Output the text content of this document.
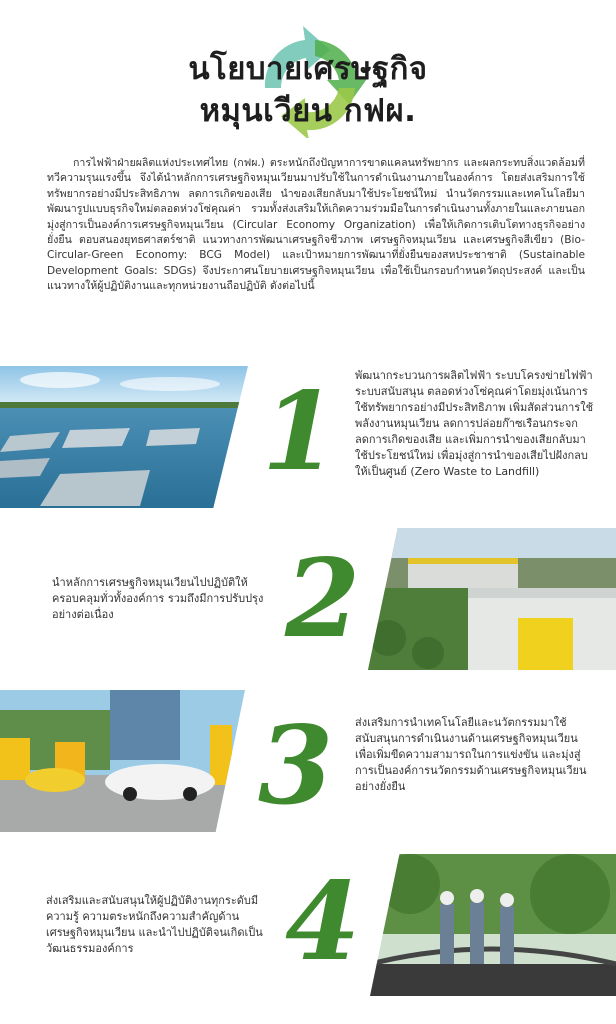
นโยบายเศรษฐกิจ
หมุนเวียน กฟผ.

การไฟฟ้าฝ่ายผลิตแห่งประเทศไทย (กฟผ.) ตระหนักถึงปัญหาการขาดแคลนทรัพยากร และผลกระทบสิ่งแวดล้อมที่ทวีความรุนแรงขึ้น จึงได้นำหลักการเศรษฐกิจหมุนเวียนมาปรับใช้ในการดำเนินงานภายในองค์การ โดยส่งเสริมการใช้ทรัพยากรอย่างมีประสิทธิภาพ ลดการเกิดของเสีย นำของเสียกลับมาใช้ประโยชน์ใหม่ นำนวัตกรรมและเทคโนโลยีมาพัฒนารูปแบบธุรกิจใหม่ตลอดห่วงโซ่คุณค่า รวมทั้งส่งเสริมให้เกิดความร่วมมือในการดำเนินงานทั้งภายในและภายนอก มุ่งสู่การเป็นองค์การเศรษฐกิจหมุนเวียน (Circular Economy Organization) เพื่อให้เกิดการเติบโตทางธุรกิจอย่างยั่งยืน ตอบสนองยุทธศาสตร์ชาติ แนวทางการพัฒนาเศรษฐกิจชีวภาพ เศรษฐกิจหมุนเวียน และเศรษฐกิจสีเขียว (Bio-Circular-Green Economy: BCG Model) และเป้าหมายการพัฒนาที่ยั่งยืนของสหประชาชาติ (Sustainable Development Goals: SDGs) จึงประกาศนโยบายเศรษฐกิจหมุนเวียน เพื่อใช้เป็นกรอบกำหนดวัตถุประสงค์ และเป็นแนวทางให้ผู้ปฏิบัติงานและทุกหน่วยงานถือปฏิบัติ ดังต่อไปนี้

1 พัฒนากระบวนการผลิตไฟฟ้า ระบบโครงข่ายไฟฟ้า ระบบสนับสนุน ตลอดห่วงโซ่คุณค่าโดยมุ่งเน้นการใช้ทรัพยากรอย่างมีประสิทธิภาพ เพิ่มสัดส่วนการใช้พลังงานหมุนเวียน ลดการปล่อยก๊าซเรือนกระจก ลดการเกิดของเสีย และเพิ่มการนำของเสียกลับมาใช้ประโยชน์ใหม่ เพื่อมุ่งสู่การนำของเสียไปฝังกลบให้เป็นศูนย์ (Zero Waste to Landfill)

นำหลักการเศรษฐกิจหมุนเวียนไปปฏิบัติให้ครอบคลุมทั่วทั้งองค์การ รวมถึงมีการปรับปรุงอย่างต่อเนื่อง	2
3 ส่งเสริมการนำเทคโนโลยีและนวัตกรรมมาใช้สนับสนุนการดำเนินงานด้านเศรษฐกิจหมุนเวียน เพื่อเพิ่มขีดความสามารถในการแข่งขัน และมุ่งสู่การเป็นองค์การนวัตกรรมด้านเศรษฐกิจหมุนเวียนอย่างยั่งยืน

ส่งเสริมและสนับสนุนให้ผู้ปฏิบัติงานทุกระดับมีความรู้ ความตระหนักถึงความสำคัญด้านเศรษฐกิจหมุนเวียน และนำไปปฏิบัติจนเกิดเป็นวัฒนธรรมองค์การ	4
